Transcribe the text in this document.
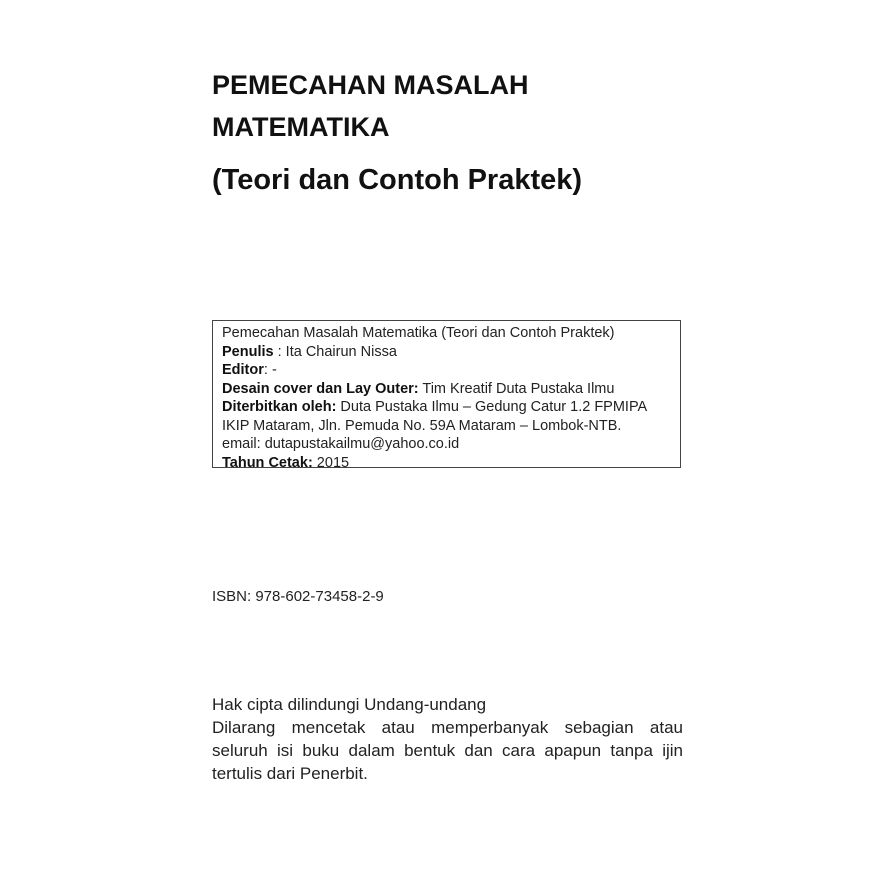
PEMECAHAN MASALAH
MATEMATIKA
(Teori dan Contoh Praktek)
Pemecahan Masalah Matematika (Teori dan Contoh Praktek)
Penulis : Ita Chairun Nissa
Editor: -
Desain cover dan Lay Outer: Tim Kreatif Duta Pustaka Ilmu
Diterbitkan oleh: Duta Pustaka Ilmu – Gedung Catur 1.2 FPMIPA
IKIP Mataram, Jln. Pemuda No. 59A Mataram – Lombok-NTB.
email: dutapustakailmu@yahoo.co.id
Tahun Cetak: 2015
ISBN: 978-602-73458-2-9
Hak cipta dilindungi Undang-undang
Dilarang mencetak atau memperbanyak sebagian atau seluruh isi buku dalam bentuk dan cara apapun tanpa ijin tertulis dari Penerbit.
